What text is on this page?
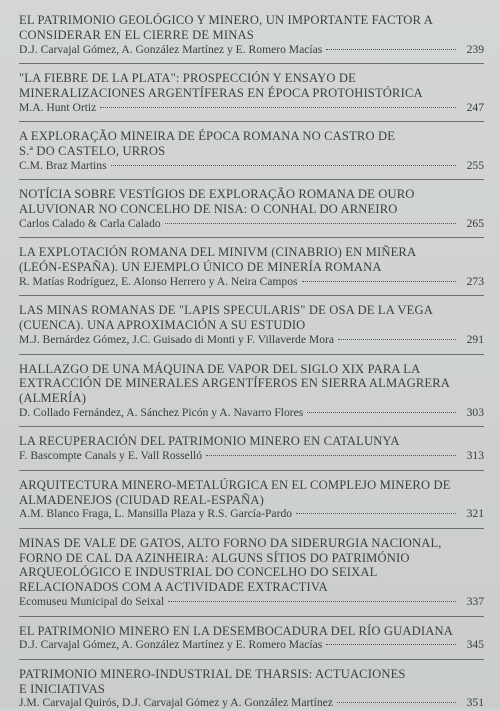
EL PATRIMONIO GEOLÓGICO Y MINERO, UN IMPORTANTE FACTOR A
CONSIDERAR EN EL CIERRE DE MINAS
D.J. Carvajal Gómez, A. González Martínez y E. Romero Macías	239
"LA FIEBRE DE LA PLATA": PROSPECCIÓN Y ENSAYO DE
MINERALIZACIONES ARGENTÍFERAS EN ÉPOCA PROTOHISTÓRICA
M.A. Hunt Ortiz	247
A EXPLORAÇÃO MINEIRA DE ÉPOCA ROMANA NO CASTRO DE
S.ª DO CASTELO, URROS
C.M. Braz Martins	255
NOTÍCIA SOBRE VESTÍGIOS DE EXPLORAÇÃO ROMANA DE OURO
ALUVIONAR NO CONCELHO DE NISA: O CONHAL DO ARNEIRO
Carlos Calado & Carla Calado	265
LA EXPLOTACIÓN ROMANA DEL MINIVM (CINABRIO) EN MIÑERA
(LEÓN-ESPAÑA). UN EJEMPLO ÚNICO DE MINERÍA ROMANA
R. Matías Rodríguez, E. Alonso Herrero y A. Neira Campos	273
LAS MINAS ROMANAS DE "LAPIS SPECULARIS" DE OSA DE LA VEGA
(CUENCA). UNA APROXIMACIÓN A SU ESTUDIO
M.J. Bernárdez Gómez, J.C. Guisado di Monti y F. Villaverde Mora	291
HALLAZGO DE UNA MÁQUINA DE VAPOR DEL SIGLO XIX PARA LA
EXTRACCIÓN DE MINERALES ARGENTÍFEROS EN SIERRA ALMAGRERA
(ALMERÍA)
D. Collado Fernández, A. Sánchez Picón y A. Navarro Flores	303
LA RECUPERACIÓN DEL PATRIMONIO MINERO EN CATALUNYA
F. Bascompte Canals y E. Vall Rosselló	313
ARQUITECTURA MINERO-METALÚRGICA EN EL COMPLEJO MINERO DE
ALMADENEJOS (CIUDAD REAL-ESPAÑA)
A.M. Blanco Fraga, L. Mansilla Plaza y R.S. García-Pardo	321
MINAS DE VALE DE GATOS, ALTO FORNO DA SIDERURGIA NACIONAL,
FORNO DE CAL DA AZINHEIRA: ALGUNS SÍTIOS DO PATRIMÓNIO
ARQUEOLÓGICO E INDUSTRIAL DO CONCELHO DO SEIXAL
RELACIONADOS COM A ACTIVIDADE EXTRACTIVA
Ecomuseu Municipal do Seixal	337
EL PATRIMONIO MINERO EN LA DESEMBOCADURA DEL RÍO GUADIANA
D.J. Carvajal Gómez, A. González Martínez y E. Romero Macías	345
PATRIMONIO MINERO-INDUSTRIAL DE THARSIS: ACTUACIONES
E INICIATIVAS
J.M. Carvajal Quirós, D.J. Carvajal Gómez y A. González Martínez	351
